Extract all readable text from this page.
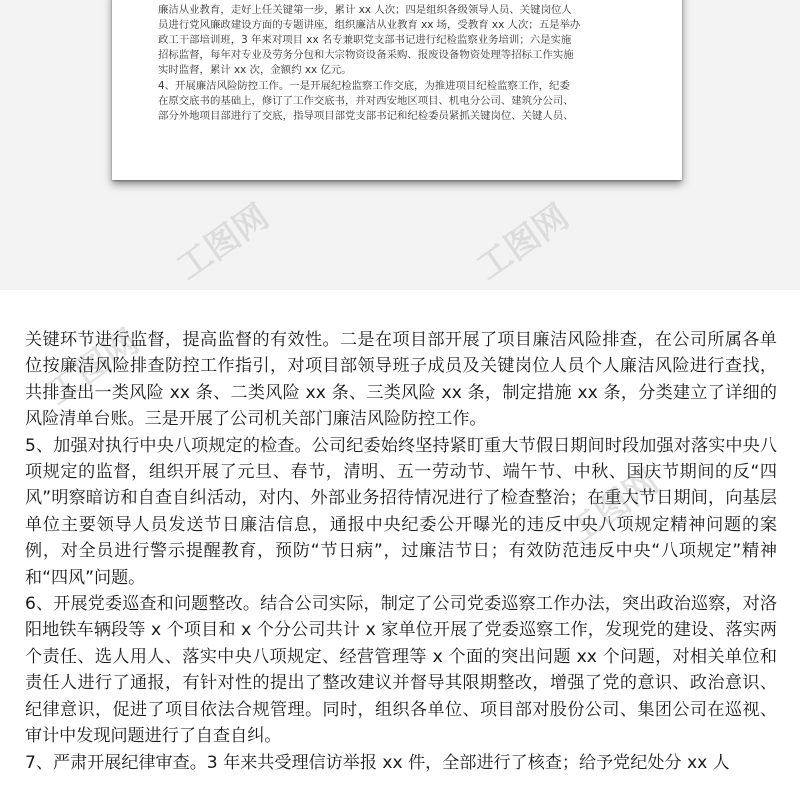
廉洁从业教育，走好上任关键第一步，累计 xx 人次；四是组织各级领导人员、关键岗位人

员进行党风廉政建设方面的专题讲座，组织廉洁从业教育 xx 场，受教育 xx 人次；五是举办

政工干部培训班，3 年来对项目 xx 名专兼职党支部书记进行纪检监察业务培训；六是实施

招标监督，每年对专业及劳务分包和大宗物资设备采购、报废设备物资处理等招标工作实施

实时监督，累计 xx 次，金额约 xx 亿元。

4、开展廉洁风险防控工作。一是开展纪检监察工作交底，为推进项目纪检监察工作，纪委

在原交底书的基础上，修订了工作交底书，并对西安地区项目、机电分公司、建筑分公司、

部分外地项目部进行了交底，指导项目部党支部书记和纪检委员紧抓关键岗位、关键人员、

工图网	工图网
工图网
工图网

关键环节进行监督，提高监督的有效性。二是在项目部开展了项目廉洁风险排查，在公司所属各单位按廉洁风险排查防控工作指引，对项目部领导班子成员及关键岗位人员个人廉洁风险进行查找，共排查出一类风险 xx 条、二类风险 xx 条、三类风险 xx 条，制定措施 xx 条，分类建立了详细的风险清单台账。三是开展了公司机关部门廉洁风险防控工作。

5、加强对执行中央八项规定的检查。公司纪委始终坚持紧盯重大节假日期间时段加强对落实中央八项规定的监督，组织开展了元旦、春节，清明、五一劳动节、端午节、中秋、国庆节期间的反“四风”明察暗访和自查自纠活动，对内、外部业务招待情况进行了检查整治；在重大节日期间，向基层单位主要领导人员发送节日廉洁信息，通报中央纪委公开曝光的违反中央八项规定精神问题的案例，对全员进行警示提醒教育，预防“节日病”，过廉洁节日；有效防范违反中央“八项规定”精神和“四风”问题。

6、开展党委巡查和问题整改。结合公司实际，制定了公司党委巡察工作办法，突出政治巡察，对洛阳地铁车辆段等 x 个项目和 x 个分公司共计 x 家单位开展了党委巡察工作，发现党的建设、落实两个责任、选人用人、落实中央八项规定、经营管理等 x 个面的突出问题 xx 个问题，对相关单位和责任人进行了通报，有针对性的提出了整改建议并督导其限期整改，增强了党的意识、政治意识、纪律意识，促进了项目依法合规管理。同时，组织各单位、项目部对股份公司、集团公司在巡视、审计中发现问题进行了自查自纠。

7、严肃开展纪律审查。3 年来共受理信访举报 xx 件，全部进行了核查；给予党纪处分 xx 人
